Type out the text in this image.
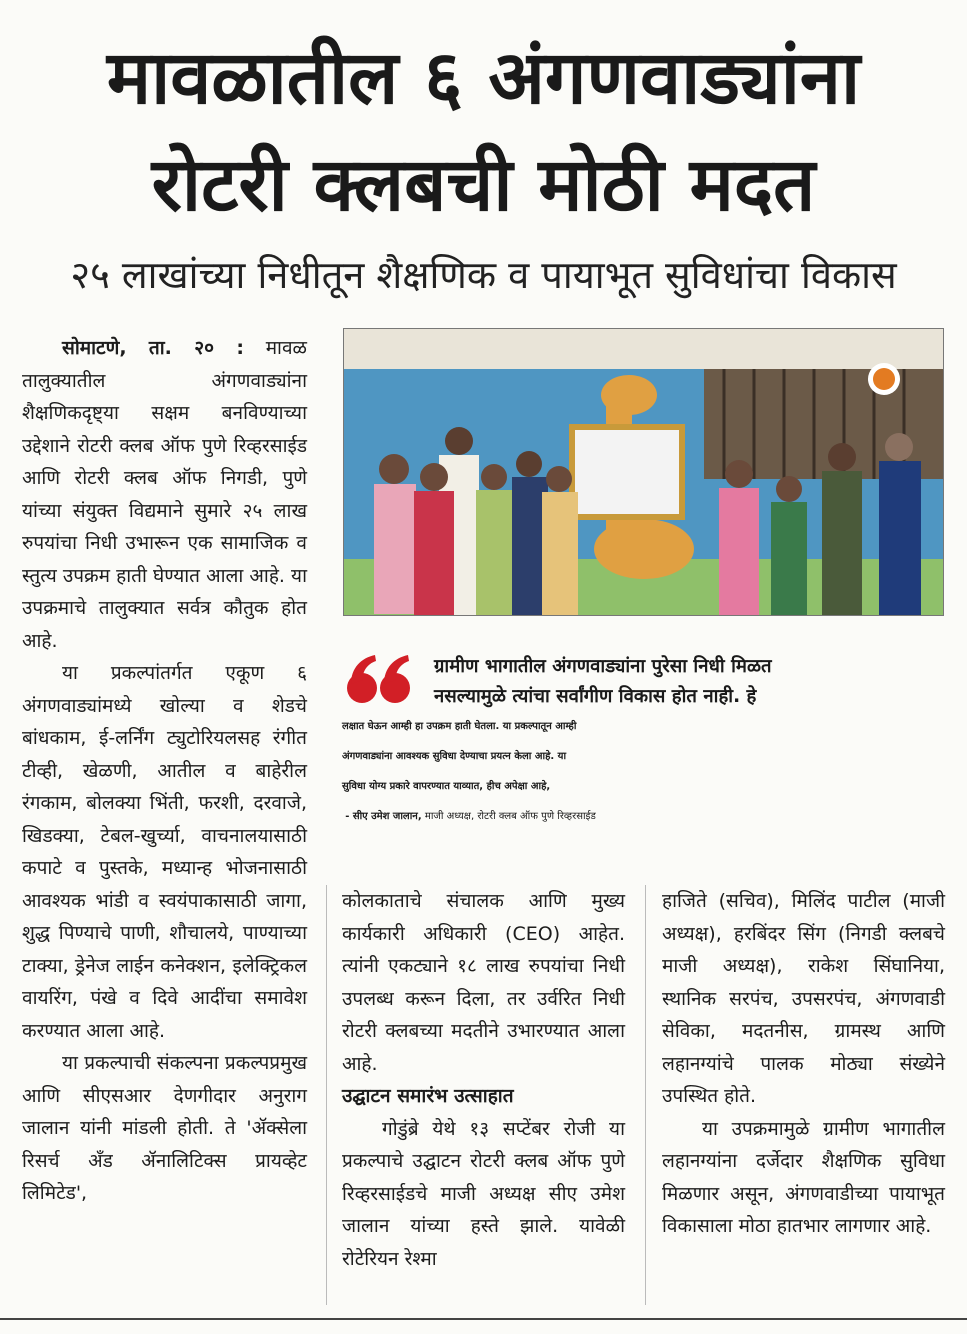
मावळातील ६ अंगणवाड्यांना
रोटरी क्लबची मोठी मदत
२५ लाखांच्या निधीतून शैक्षणिक व पायाभूत सुविधांचा विकास

सोमाटणे, ता. २० : मावळ तालुक्यातील अंगणवाड्यांना शैक्षणिकदृष्ट्या सक्षम बनविण्याच्या उद्देशाने रोटरी क्लब ऑफ पुणे रिव्हरसाईड आणि रोटरी क्लब ऑफ निगडी, पुणे यांच्या संयुक्त विद्यमाने सुमारे २५ लाख रुपयांचा निधी उभारून एक सामाजिक व स्तुत्य उपक्रम हाती घेण्यात आला आहे. या उपक्रमाचे तालुक्यात सर्वत्र कौतुक होत आहे.

या प्रकल्पांतर्गत एकूण ६ अंगणवाड्यांमध्ये खोल्या व शेडचे बांधकाम, ई-लर्निंग ट्युटोरियलसह रंगीत टीव्ही, खेळणी, आतील व बाहेरील रंगकाम, बोलक्या भिंती, फरशी, दरवाजे, खिडक्या, टेबल-खुर्च्या, वाचनालयासाठी कपाटे व पुस्तके, मध्यान्ह भोजनासाठी आवश्यक भांडी व स्वयंपाकासाठी जागा, शुद्ध पिण्याचे पाणी, शौचालये, पाण्याच्या टाक्या, ड्रेनेज लाईन कनेक्शन, इलेक्ट्रिकल वायरिंग, पंखे व दिवे आदींचा समावेश करण्यात आला आहे.

या प्रकल्पाची संकल्पना प्रकल्पप्रमुख आणि सीएसआर देणगीदार अनुराग जालान यांनी मांडली होती. ते 'ॲक्सेला रिसर्च अँड ॲनालिटिक्स प्रायव्हेट लिमिटेड',

ग्रामीण भागातील अंगणवाड्यांना पुरेसा निधी मिळत
नसल्यामुळे त्यांचा सर्वांगीण विकास होत नाही. हे
लक्षात घेऊन आम्ही हा उपक्रम हाती घेतला. या प्रकल्पातून आम्ही
अंगणवाड्यांना आवश्यक सुविधा देण्याचा प्रयत्न केला आहे. या
सुविधा योग्य प्रकारे वापरण्यात याव्यात, हीच अपेक्षा आहे,
- सीए उमेश जालान, माजी अध्यक्ष, रोटरी क्लब ऑफ पुणे रिव्हरसाईड

कोलकाताचे संचालक आणि मुख्य कार्यकारी अधिकारी (CEO) आहेत. त्यांनी एकट्याने १८ लाख रुपयांचा निधी उपलब्ध करून दिला, तर उर्वरित निधी रोटरी क्लबच्या मदतीने उभारण्यात आला आहे.

उद्घाटन समारंभ उत्साहात

गोडुंब्रे येथे १३ सप्टेंबर रोजी या प्रकल्पाचे उद्घाटन रोटरी क्लब ऑफ पुणे रिव्हरसाईडचे माजी अध्यक्ष सीए उमेश जालान यांच्या हस्ते झाले. यावेळी रोटेरियन रेश्मा

हाजिते (सचिव), मिलिंद पाटील (माजी अध्यक्ष), हरबिंदर सिंग (निगडी क्लबचे माजी अध्यक्ष), राकेश सिंघानिया, स्थानिक सरपंच, उपसरपंच, अंगणवाडी सेविका, मदतनीस, ग्रामस्थ आणि लहानग्यांचे पालक मोठ्या संख्येने उपस्थित होते.

या उपक्रमामुळे ग्रामीण भागातील लहानग्यांना दर्जेदार शैक्षणिक सुविधा मिळणार असून, अंगणवाडीच्या पायाभूत विकासाला मोठा हातभार लागणार आहे.
